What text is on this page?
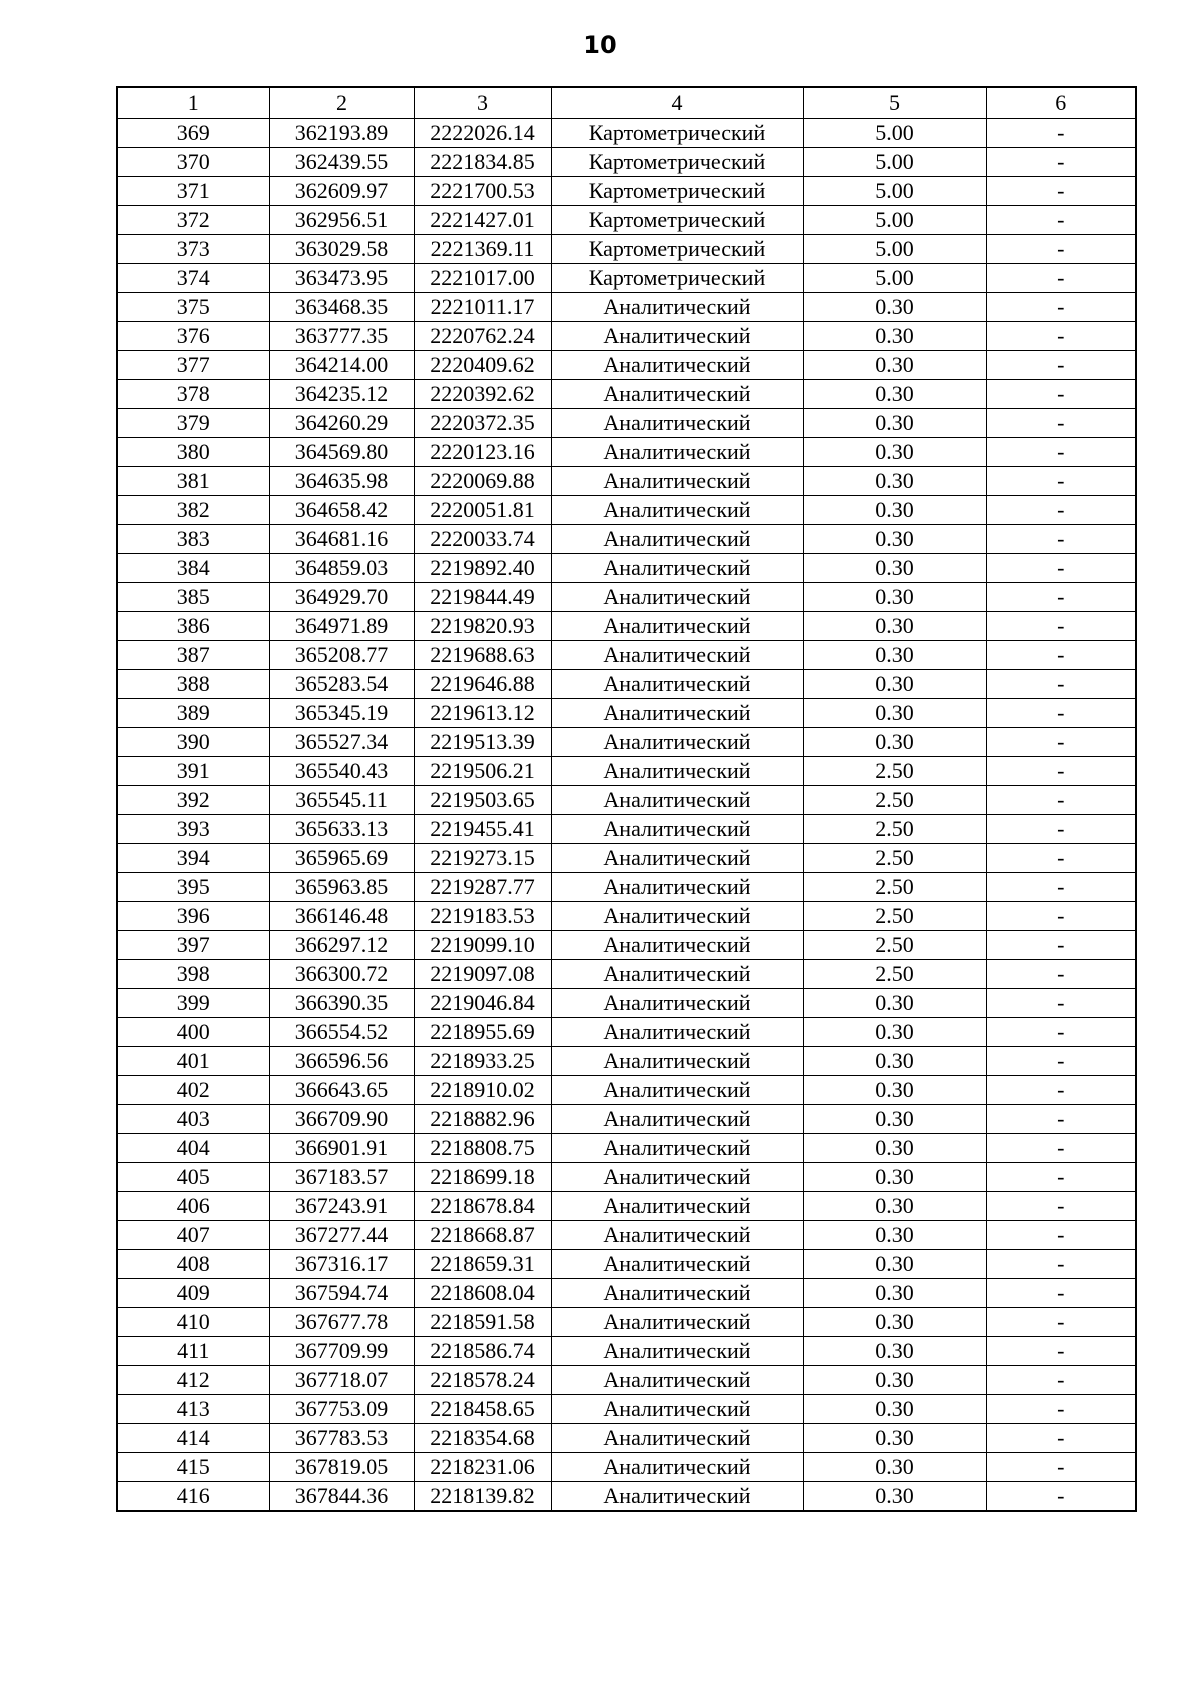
10
1	2	3	4	5	6
369	362193.89	2222026.14	Картометрический	5.00	-
370	362439.55	2221834.85	Картометрический	5.00	-
371	362609.97	2221700.53	Картометрический	5.00	-
372	362956.51	2221427.01	Картометрический	5.00	-
373	363029.58	2221369.11	Картометрический	5.00	-
374	363473.95	2221017.00	Картометрический	5.00	-
375	363468.35	2221011.17	Аналитический	0.30	-
376	363777.35	2220762.24	Аналитический	0.30	-
377	364214.00	2220409.62	Аналитический	0.30	-
378	364235.12	2220392.62	Аналитический	0.30	-
379	364260.29	2220372.35	Аналитический	0.30	-
380	364569.80	2220123.16	Аналитический	0.30	-
381	364635.98	2220069.88	Аналитический	0.30	-
382	364658.42	2220051.81	Аналитический	0.30	-
383	364681.16	2220033.74	Аналитический	0.30	-
384	364859.03	2219892.40	Аналитический	0.30	-
385	364929.70	2219844.49	Аналитический	0.30	-
386	364971.89	2219820.93	Аналитический	0.30	-
387	365208.77	2219688.63	Аналитический	0.30	-
388	365283.54	2219646.88	Аналитический	0.30	-
389	365345.19	2219613.12	Аналитический	0.30	-
390	365527.34	2219513.39	Аналитический	0.30	-
391	365540.43	2219506.21	Аналитический	2.50	-
392	365545.11	2219503.65	Аналитический	2.50	-
393	365633.13	2219455.41	Аналитический	2.50	-
394	365965.69	2219273.15	Аналитический	2.50	-
395	365963.85	2219287.77	Аналитический	2.50	-
396	366146.48	2219183.53	Аналитический	2.50	-
397	366297.12	2219099.10	Аналитический	2.50	-
398	366300.72	2219097.08	Аналитический	2.50	-
399	366390.35	2219046.84	Аналитический	0.30	-
400	366554.52	2218955.69	Аналитический	0.30	-
401	366596.56	2218933.25	Аналитический	0.30	-
402	366643.65	2218910.02	Аналитический	0.30	-
403	366709.90	2218882.96	Аналитический	0.30	-
404	366901.91	2218808.75	Аналитический	0.30	-
405	367183.57	2218699.18	Аналитический	0.30	-
406	367243.91	2218678.84	Аналитический	0.30	-
407	367277.44	2218668.87	Аналитический	0.30	-
408	367316.17	2218659.31	Аналитический	0.30	-
409	367594.74	2218608.04	Аналитический	0.30	-
410	367677.78	2218591.58	Аналитический	0.30	-
411	367709.99	2218586.74	Аналитический	0.30	-
412	367718.07	2218578.24	Аналитический	0.30	-
413	367753.09	2218458.65	Аналитический	0.30	-
414	367783.53	2218354.68	Аналитический	0.30	-
415	367819.05	2218231.06	Аналитический	0.30	-
416	367844.36	2218139.82	Аналитический	0.30	-
